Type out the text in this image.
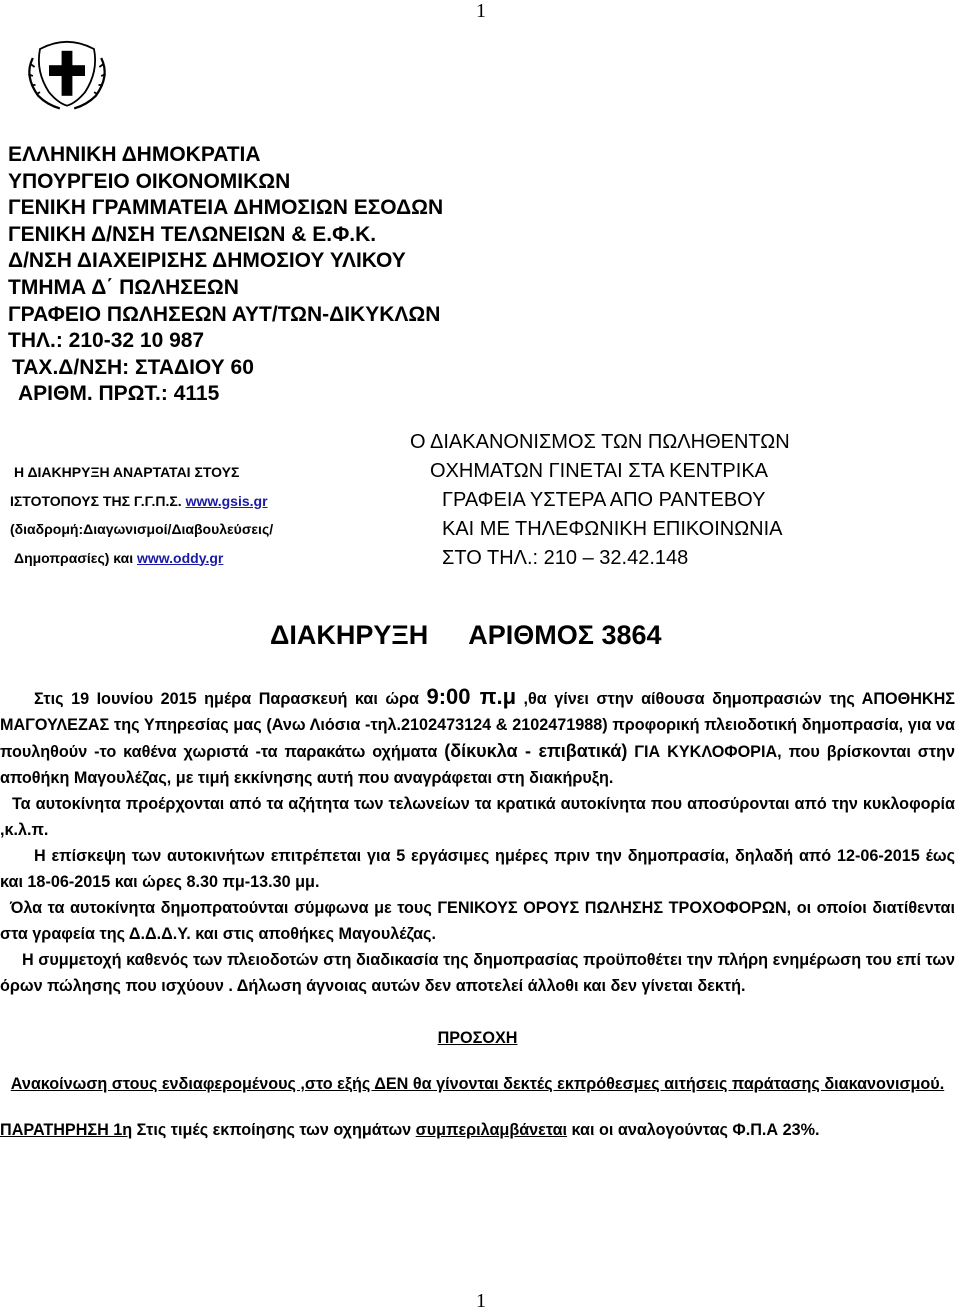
1
ΕΛΛΗΝΙΚΗ ΔΗΜΟΚΡΑΤΙΑ
ΥΠΟΥΡΓΕΙΟ ΟΙΚΟΝΟΜΙΚΩΝ
ΓΕΝΙΚΗ ΓΡΑΜΜΑΤΕΙΑ ΔΗΜΟΣΙΩΝ ΕΣΟΔΩΝ
ΓΕΝΙΚΗ Δ/ΝΣΗ ΤΕΛΩΝΕΙΩΝ & Ε.Φ.Κ.
Δ/ΝΣΗ ΔΙΑΧΕΙΡΙΣΗΣ ΔΗΜΟΣΙΟΥ ΥΛΙΚΟΥ
ΤΜΗΜΑ Δ΄ ΠΩΛΗΣΕΩΝ
ΓΡΑΦΕΙΟ ΠΩΛΗΣΕΩΝ ΑΥΤ/ΤΩΝ-ΔΙΚΥΚΛΩΝ
ΤΗΛ.: 210-32 10 987
ΤΑΧ.Δ/ΝΣΗ: ΣΤΑΔΙΟΥ 60
ΑΡΙΘΜ. ΠΡΩΤ.: 4115
Η ΔΙΑΚΗΡΥΞΗ ΑΝΑΡΤΑΤΑΙ ΣΤΟΥΣ
ΙΣΤΟΤΟΠΟΥΣ ΤΗΣ Γ.Γ.Π.Σ. www.gsis.gr
(διαδρομή:Διαγωνισμοί/Διαβουλεύσεις/
Δημοπρασίες) και www.oddy.gr
Ο ΔΙΑΚΑΝΟΝΙΣΜΟΣ ΤΩΝ ΠΩΛΗΘΕΝΤΩΝ
ΟΧΗΜΑΤΩΝ ΓΙΝΕΤΑΙ ΣΤΑ ΚΕΝΤΡΙΚΑ
ΓΡΑΦΕΙΑ ΥΣΤΕΡΑ ΑΠΟ ΡΑΝΤΕΒΟΥ
ΚΑΙ ΜΕ ΤΗΛΕΦΩΝΙΚΗ ΕΠΙΚΟΙΝΩΝΙΑ
ΣΤΟ ΤΗΛ.: 210 – 32.42.148
ΔΙΑΚΗΡΥΞΗ ΑΡΙΘΜΟΣ 3864
Στις 19 Ιουνίου 2015 ημέρα Παρασκευή και ώρα 9:00 π.μ ,θα γίνει στην αίθουσα δημοπρασιών της ΑΠΟΘΗΚΗΣ ΜΑΓΟΥΛΕΖΑΣ της Υπηρεσίας μας (Ανω Λιόσια -τηλ.2102473124 & 2102471988) προφορική πλειοδοτική δημοπρασία, για να πουληθούν -το καθένα χωριστά -τα παρακάτω οχήματα (δίκυκλα - επιβατικά) ΓΙΑ ΚΥΚΛΟΦΟΡΙΑ, που βρίσκονται στην αποθήκη Μαγουλέζας, με τιμή εκκίνησης αυτή που αναγράφεται στη διακήρυξη.
Τα αυτοκίνητα προέρχονται από τα αζήτητα των τελωνείων τα κρατικά αυτοκίνητα που αποσύρονται από την κυκλοφορία ,κ.λ.π.
Η επίσκεψη των αυτοκινήτων επιτρέπεται για 5 εργάσιμες ημέρες πριν την δημοπρασία, δηλαδή από 12-06-2015 έως και 18-06-2015 και ώρες 8.30 πμ-13.30 μμ.
Όλα τα αυτοκίνητα δημοπρατούνται σύμφωνα με τους ΓΕΝΙΚΟΥΣ ΟΡΟΥΣ ΠΩΛΗΣΗΣ ΤΡΟΧΟΦΟΡΩΝ, οι οποίοι διατίθενται στα γραφεία της Δ.Δ.Δ.Υ. και στις αποθήκες Μαγουλέζας.
Η συμμετοχή καθενός των πλειοδοτών στη διαδικασία της δημοπρασίας προϋποθέτει την πλήρη ενημέρωση του επί των όρων πώλησης που ισχύουν . Δήλωση άγνοιας αυτών δεν αποτελεί άλλοθι και δεν γίνεται δεκτή.
ΠΡΟΣΟΧΗ
Ανακοίνωση στους ενδιαφερομένους ,στο εξής ΔΕΝ θα γίνονται δεκτές εκπρόθεσμες αιτήσεις παράτασης διακανονισμού.
ΠΑΡΑΤΗΡΗΣΗ 1η Στις τιμές εκποίησης των οχημάτων συμπεριλαμβάνεται και οι αναλογούντας Φ.Π.Α 23%.
1
